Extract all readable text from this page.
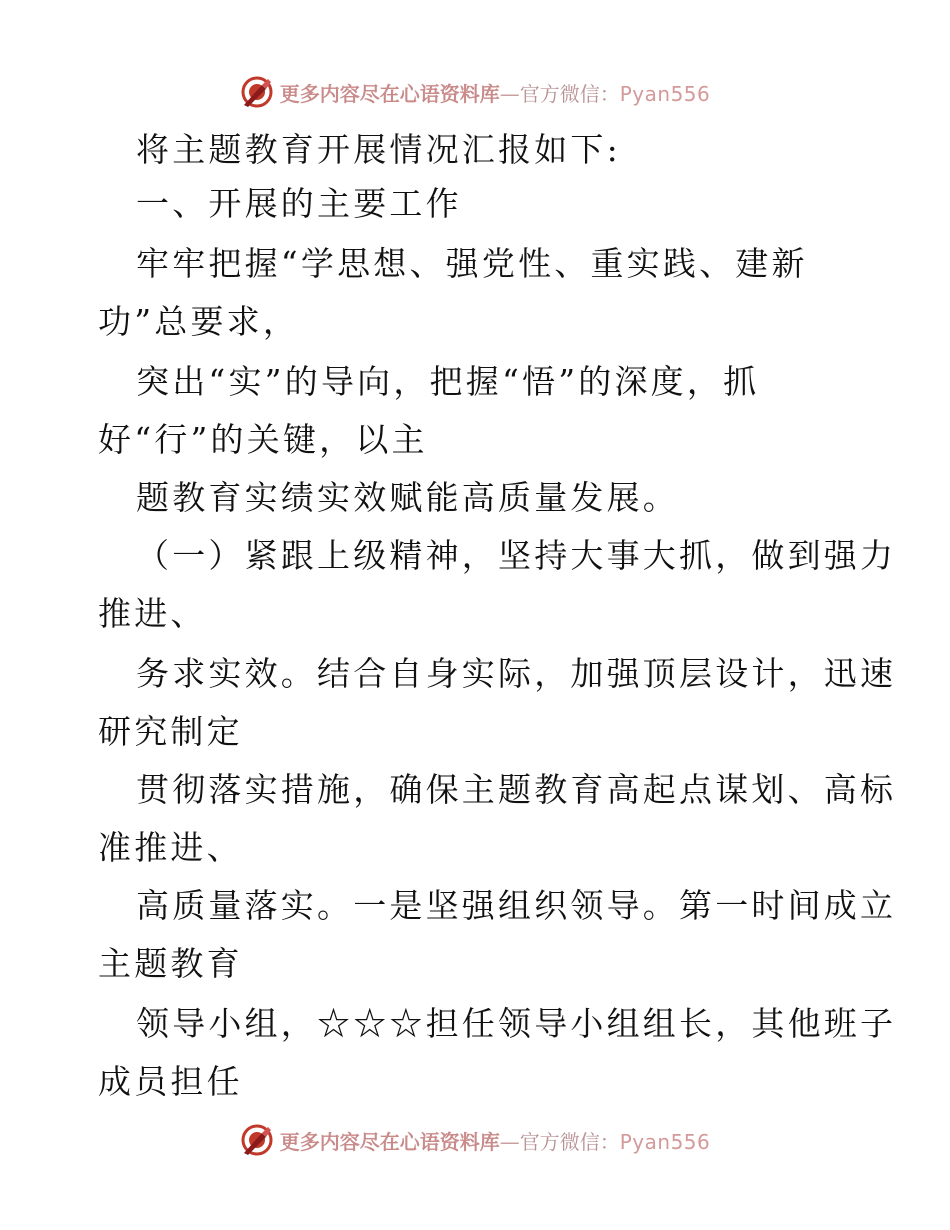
更多内容尽在心语资料库—官方微信：Pyan556
将主题教育开展情况汇报如下:
一、开展的主要工作
牢牢把握“学思想、强党性、重实践、建新
功”总要求，
突出“实”的导向，把握“悟”的深度，抓
好“行”的关键，以主
题教育实绩实效赋能高质量发展。
（一）紧跟上级精神，坚持大事大抓，做到强力
推进、
务求实效。结合自身实际，加强顶层设计，迅速
研究制定
贯彻落实措施，确保主题教育高起点谋划、高标
准推进、
高质量落实。一是坚强组织领导。第一时间成立
主题教育
领导小组，☆☆☆担任领导小组组长，其他班子
成员担任
更多内容尽在心语资料库—官方微信：Pyan556
